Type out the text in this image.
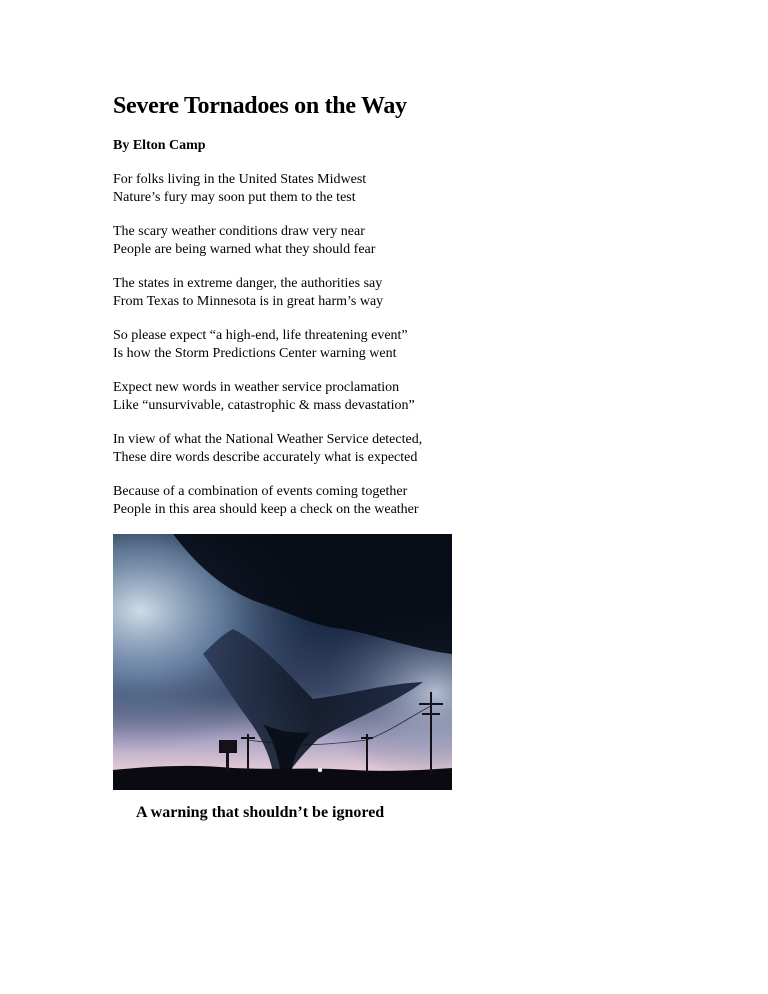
Severe Tornadoes on the Way

By Elton Camp

For folks living in the United States Midwest
Nature’s fury may soon put them to the test

The scary weather conditions draw very near
People are being warned what they should fear

The states in extreme danger, the authorities say
From Texas to Minnesota is in great harm’s way

So please expect “a high-end, life threatening event”
Is how the Storm Predictions Center warning went

Expect new words in weather service proclamation
Like “unsurvivable, catastrophic & mass devastation”

In view of what the National Weather Service detected,
These dire words describe accurately what is expected

Because of a combination of events coming together
People in this area should keep a check on the weather

A warning that shouldn’t be ignored
